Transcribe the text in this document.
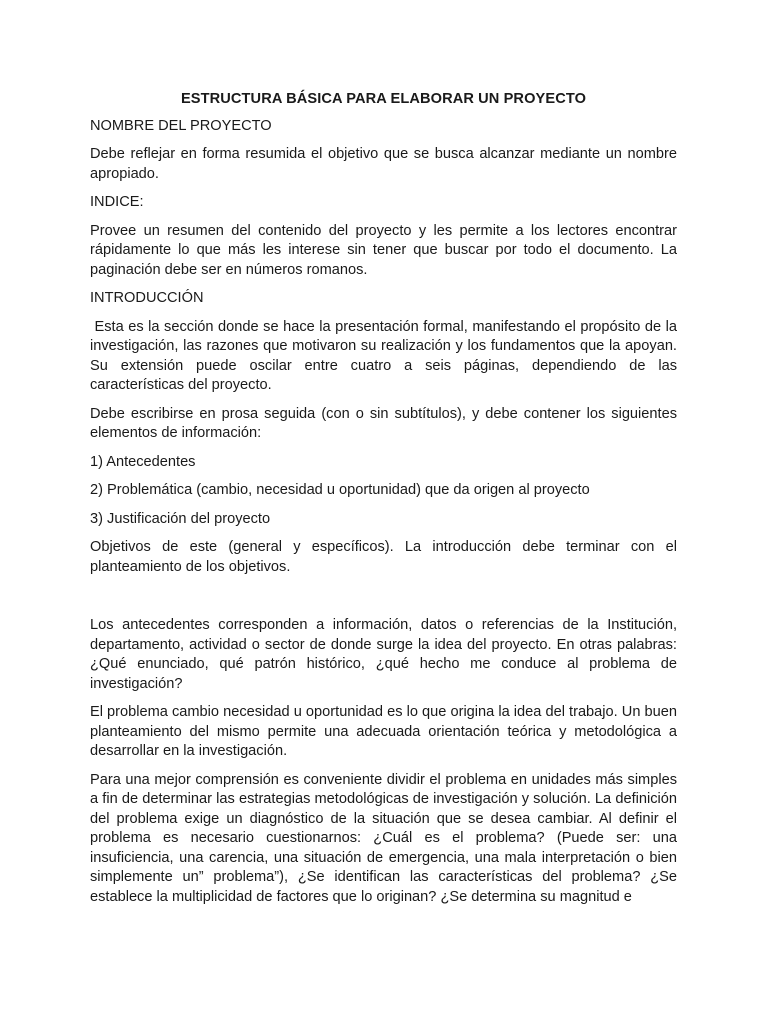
ESTRUCTURA BÁSICA PARA ELABORAR UN PROYECTO
NOMBRE DEL PROYECTO

Debe reflejar en forma resumida el objetivo que se busca alcanzar mediante un nombre apropiado.

INDICE:

Provee un resumen del contenido del proyecto y les permite a los lectores encontrar rápidamente lo que más les interese sin tener que buscar por todo el documento. La paginación debe ser en números romanos.

INTRODUCCIÓN

Esta es la sección donde se hace la presentación formal, manifestando el propósito de la investigación, las razones que motivaron su realización y los fundamentos que la apoyan. Su extensión puede oscilar entre cuatro a seis páginas, dependiendo de las características del proyecto.

Debe escribirse en prosa seguida (con o sin subtítulos), y debe contener los siguientes elementos de información:

1) Antecedentes

2) Problemática (cambio, necesidad u oportunidad) que da origen al proyecto

3) Justificación del proyecto

Objetivos de este (general y específicos). La introducción debe terminar con el planteamiento de los objetivos.

Los antecedentes corresponden a información, datos o referencias de la Institución, departamento, actividad o sector de donde surge la idea del proyecto. En otras palabras: ¿Qué enunciado, qué patrón histórico, ¿qué hecho me conduce al problema de investigación?

El problema cambio necesidad u oportunidad es lo que origina la idea del trabajo. Un buen planteamiento del mismo permite una adecuada orientación teórica y metodológica a desarrollar en la investigación.

Para una mejor comprensión es conveniente dividir el problema en unidades más simples a fin de determinar las estrategias metodológicas de investigación y solución. La definición del problema exige un diagnóstico de la situación que se desea cambiar. Al definir el problema es necesario cuestionarnos: ¿Cuál es el problema? (Puede ser: una insuficiencia, una carencia, una situación de emergencia, una mala interpretación o bien simplemente un” problema”), ¿Se identifican las características del problema? ¿Se establece la multiplicidad de factores que lo originan? ¿Se determina su magnitud e
